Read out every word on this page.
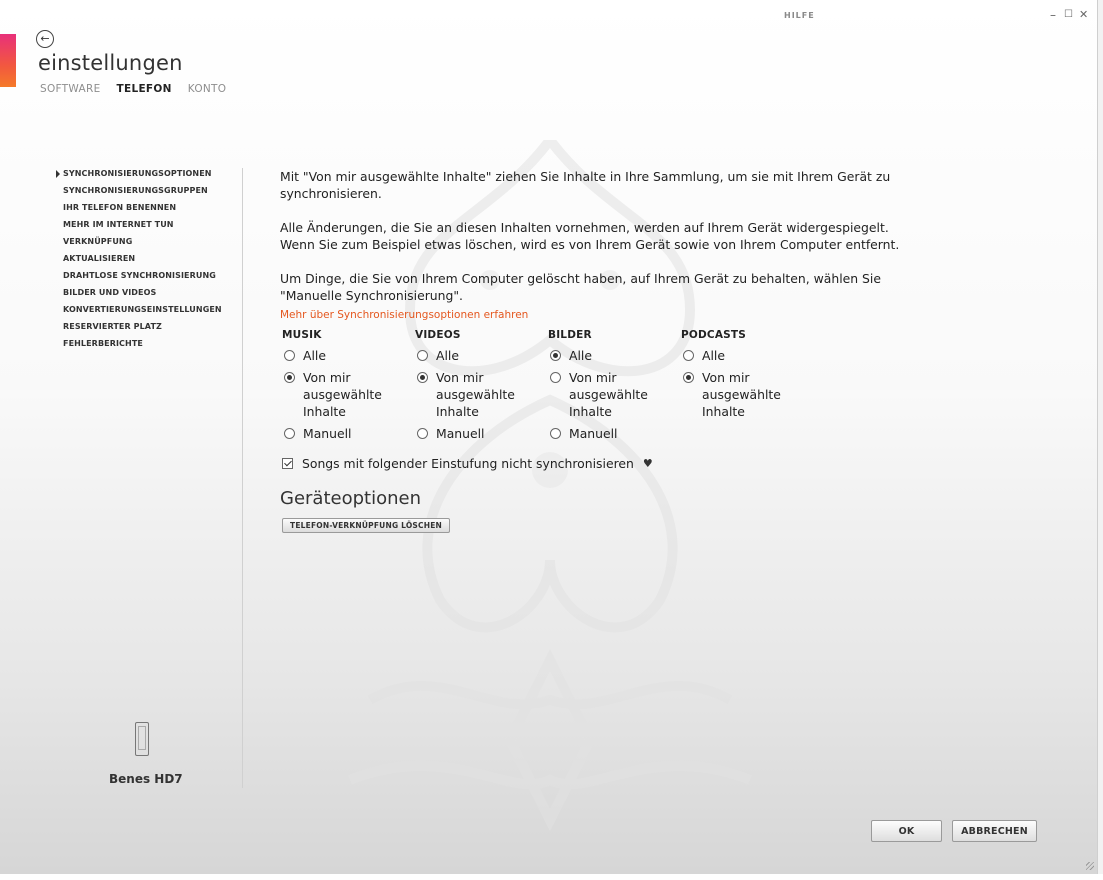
HILFE	– ☐ ✕
←
einstellungen
SOFTWARE TELEFON KONTO
SYNCHRONISIERUNGSOPTIONEN
SYNCHRONISIERUNGSGRUPPEN
IHR TELEFON BENENNEN
MEHR IM INTERNET TUN
VERKNÜPFUNG
AKTUALISIEREN
DRAHTLOSE SYNCHRONISIERUNG
BILDER UND VIDEOS
KONVERTIERUNGSEINSTELLUNGEN
RESERVIERTER PLATZ
FEHLERBERICHTE
Benes HD7

Mit "Von mir ausgewählte Inhalte" ziehen Sie Inhalte in Ihre Sammlung, um sie mit Ihrem Gerät zu synchronisieren.

Alle Änderungen, die Sie an diesen Inhalten vornehmen, werden auf Ihrem Gerät widergespiegelt. Wenn Sie zum Beispiel etwas löschen, wird es von Ihrem Gerät sowie von Ihrem Computer entfernt.

Um Dinge, die Sie von Ihrem Computer gelöscht haben, auf Ihrem Gerät zu behalten, wählen Sie "Manuelle Synchronisierung".

Mehr über Synchronisierungsoptionen erfahren
MUSIK
Alle
Von mir ausgewählte Inhalte
Manuell
VIDEOS
Alle
Von mir ausgewählte Inhalte
Manuell
BILDER
Alle
Von mir ausgewählte Inhalte
Manuell
PODCASTS
Alle
Von mir ausgewählte Inhalte
Songs mit folgender Einstufung nicht synchronisieren ♥
Geräteoptionen
TELEFON-VERKNÜPFUNG LÖSCHEN
OK	ABBRECHEN
